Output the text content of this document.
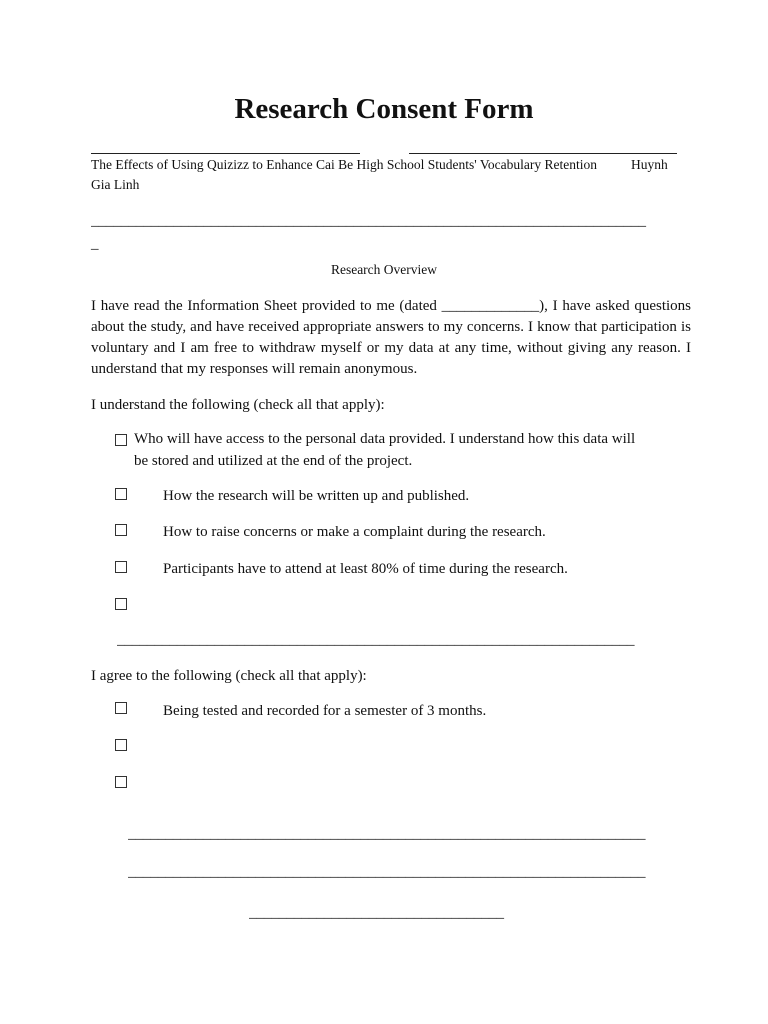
Research Consent Form
The Effects of Using Quizizz to Enhance Cai Be High School Students' Vocabulary Retention	Huynh
Gia Linh
__________________________________________________________________________
_
Research Overview
I have read the Information Sheet provided to me (dated _____________), I have asked questions about the study, and have received appropriate answers to my concerns. I know that participation is voluntary and I am free to withdraw myself or my data at any time, without giving any reason. I understand that my responses will remain anonymous.
I understand the following (check all that apply):
Who will have access to the personal data provided. I understand how this data will
be stored and utilized at the end of the project.
How the research will be written up and published.
How to raise concerns or make a complaint during the research.
Participants have to attend at least 80% of time during the research.
_____________________________________________________________________
I agree to the following (check all that apply):
Being tested and recorded for a semester of 3 months.
_____________________________________________________________________
_____________________________________________________________________
__________________________________
